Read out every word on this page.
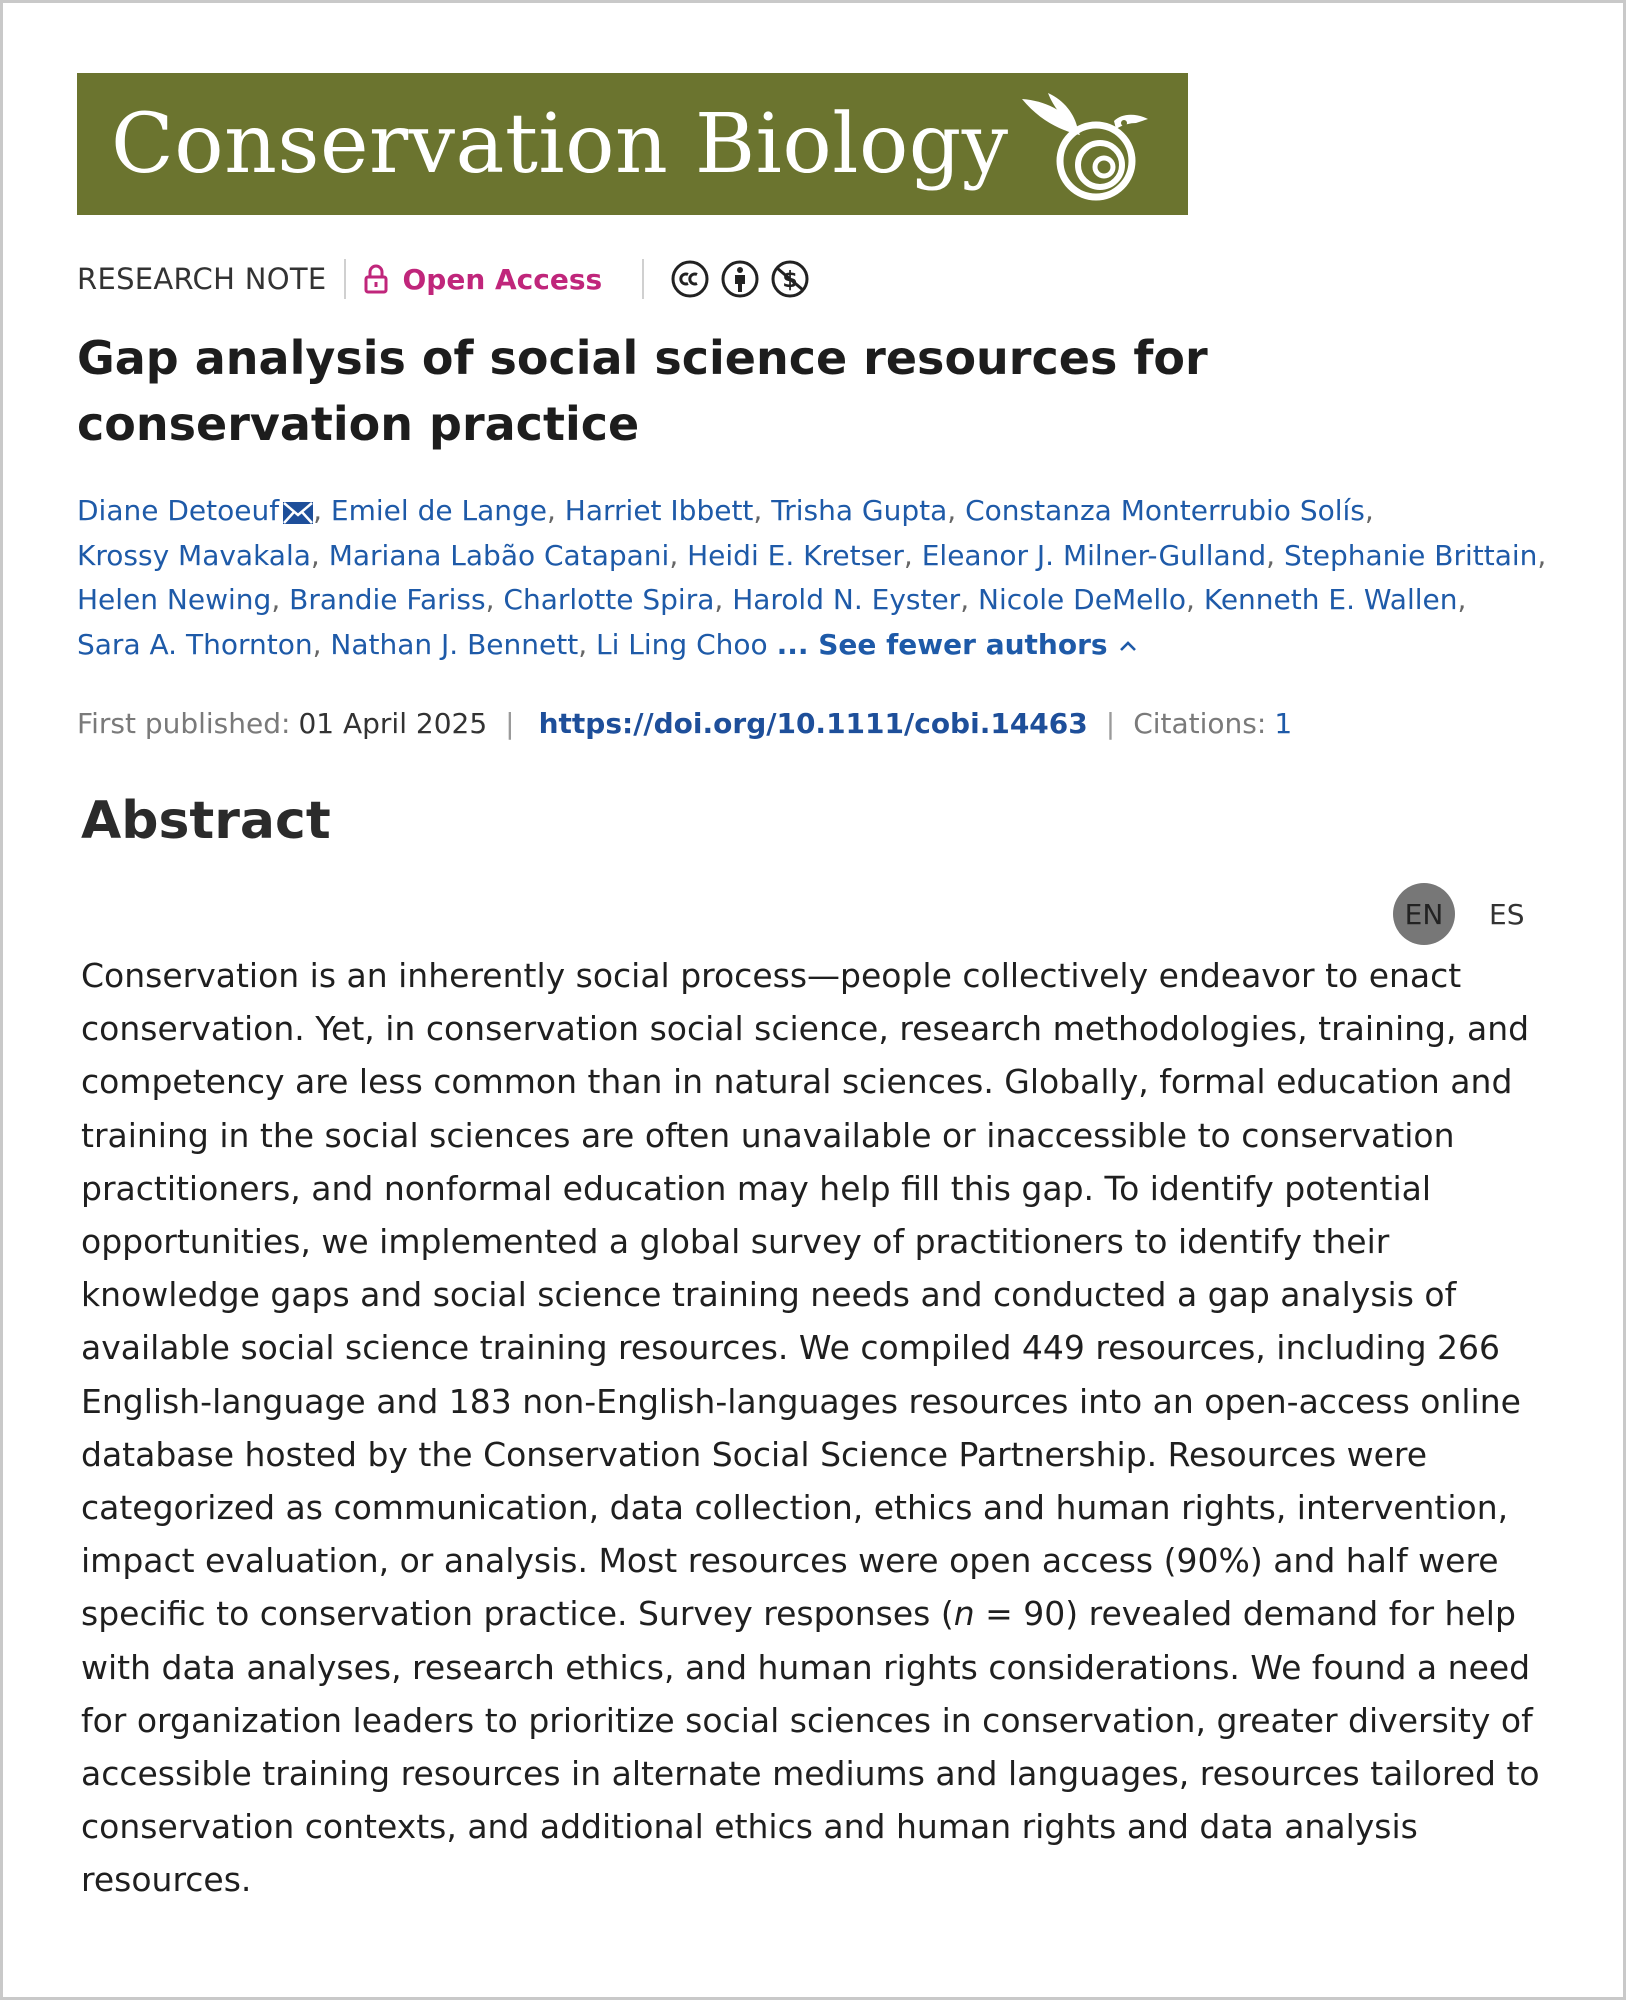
Conservation Biology
RESEARCH NOTE	Open Access	$
Gap analysis of social science resources for conservation practice
Diane Detoeuf , Emiel de Lange, Harriet Ibbett, Trisha Gupta, Constanza Monterrubio Solís,
Krossy Mavakala, Mariana Labão Catapani, Heidi E. Kretser, Eleanor J. Milner-Gulland, Stephanie Brittain,
Helen Newing, Brandie Fariss, Charlotte Spira, Harold N. Eyster, Nicole DeMello, Kenneth E. Wallen,
Sara A. Thornton, Nathan J. Bennett, Li Ling Choo ... See fewer authors
First published: 01 April 2025 | https://doi.org/10.1111/cobi.14463 | Citations: 1
Abstract
EN	ES

Conservation is an inherently social process—people collectively endeavor to enact conservation. Yet, in conservation social science, research methodologies, training, and competency are less common than in natural sciences. Globally, formal education and training in the social sciences are often unavailable or inaccessible to conservation practitioners, and nonformal education may help fill this gap. To identify potential opportunities, we implemented a global survey of practitioners to identify their knowledge gaps and social science training needs and conducted a gap analysis of available social science training resources. We compiled 449 resources, including 266 English-language and 183 non-English-languages resources into an open-access online database hosted by the Conservation Social Science Partnership. Resources were categorized as communication, data collection, ethics and human rights, intervention, impact evaluation, or analysis. Most resources were open access (90%) and half were specific to conservation practice. Survey responses (n = 90) revealed demand for help with data analyses, research ethics, and human rights considerations. We found a need for organization leaders to prioritize social sciences in conservation, greater diversity of accessible training resources in alternate mediums and languages, resources tailored to conservation contexts, and additional ethics and human rights and data analysis resources.
